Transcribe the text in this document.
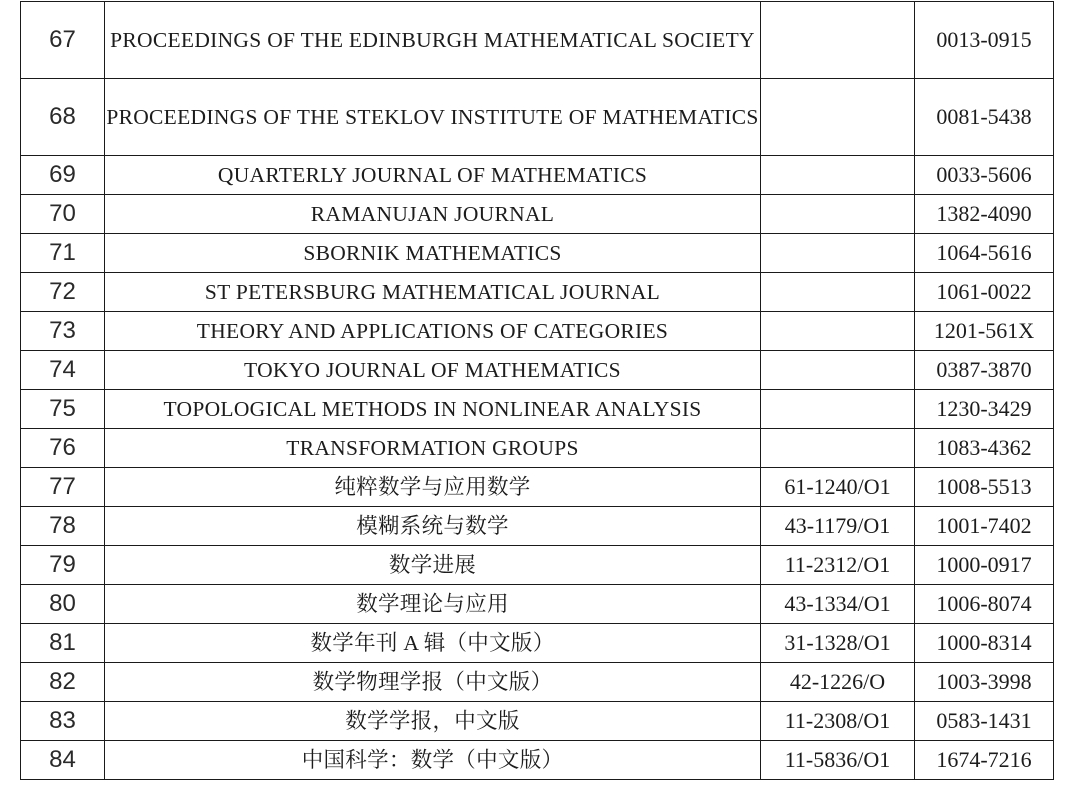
67	PROCEEDINGS OF THE EDINBURGH MATHEMATICAL SOCIETY		0013-0915
68	PROCEEDINGS OF THE STEKLOV INSTITUTE OF MATHEMATICS		0081-5438
69	QUARTERLY JOURNAL OF MATHEMATICS		0033-5606
70	RAMANUJAN JOURNAL		1382-4090
71	SBORNIK MATHEMATICS		1064-5616
72	ST PETERSBURG MATHEMATICAL JOURNAL		1061-0022
73	THEORY AND APPLICATIONS OF CATEGORIES		1201-561X
74	TOKYO JOURNAL OF MATHEMATICS		0387-3870
75	TOPOLOGICAL METHODS IN NONLINEAR ANALYSIS		1230-3429
76	TRANSFORMATION GROUPS		1083-4362
77	纯粹数学与应用数学	61-1240/O1	1008-5513
78	模糊系统与数学	43-1179/O1	1001-7402
79	数学进展	11-2312/O1	1000-0917
80	数学理论与应用	43-1334/O1	1006-8074
81	数学年刊 A 辑（中文版）	31-1328/O1	1000-8314
82	数学物理学报（中文版）	42-1226/O	1003-3998
83	数学学报，中文版	11-2308/O1	0583-1431
84	中国科学：数学（中文版）	11-5836/O1	1674-7216
